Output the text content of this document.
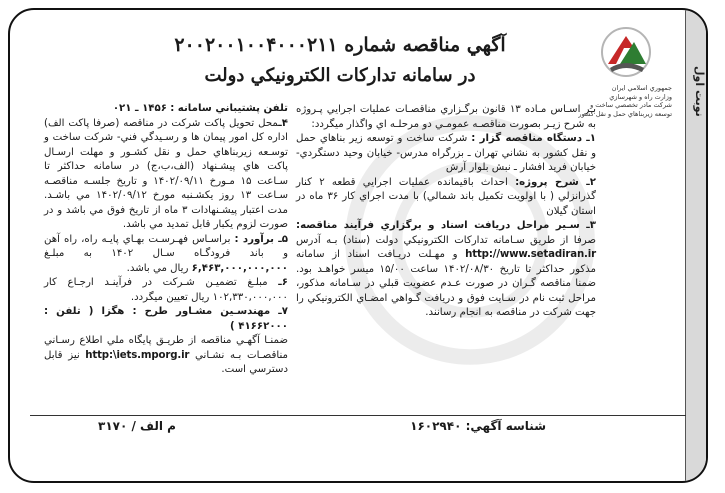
نوبت اول
جمهوري اسلامي ايران
وزارت راه و شهرسازي
شرکت مادر تخصصي ساخت و توسعه زيربناهاي حمل و نقل کشور
آگهي مناقصه شماره ۲۰۰۲۰۰۱۰۰۴۰۰۰۲۱۱
در سامانه تدارکات الکترونيکي دولت

بـر اسـاس مـاده ۱۳ قانون برگـزاري مناقصـات عمليات اجرايي پـروژه به شرح زيـر بصورت مناقصـه عمومـي دو مرحلـه اي واگذار ميگردد:

۱ـ دستگاه مناقصه گزار : شرکت ساخت و توسعه زير بناهاي حمل و نقل کشور به نشاني تهران ـ بزرگراه مدرس- خيابان وحيد دستگردي- خيابان فريد افشار ـ نبش بلوار آرش

۲ـ شرح پروژه: احداث باقيمانده عمليات اجرايي قطعه ۲ کنار گذرانزلي ( با اولويت تکميل باند شمالي) با مدت اجراي کار ۳۶ ماه در استان گيلان

۳ـ سـير مراحل دريافت اسناد و برگزاري فرآيند مناقصه: صرفا از طريق سـامانه تدارکات الکترونيکي دولت (ستاد) بـه آدرس http://www.setadiran.ir و مهـلت دريـافت اسناد از سامانه مذکور حداکثر تا تاريخ ۱۴۰۲/۰۸/۳۰ ساعت ۱۵/۰۰ ميسر خواهـد بود. ضمنا مناقصه گـران در صورت عـدم عضويت قبلي در سـامانه مذکور، مراحل ثبت نام در سـايت فوق و دريافت گـواهي امضـاي الکترونيکي را جهت شرکت در مناقصه به انجام رسانند.

تلفن پشتيباني سامانه : ۱۴۵۶ ـ ۰۲۱

۴ـمحل تحويل پاکت شرکت در مناقصه (صرفا پاکت الف) اداره کل امور پيمان ها و رسـيدگي فني- شرکت ساخت و توسـعه زيربناهاي حمل و نقل کشـور و مهلت ارسـال پاکت هاي پيشـنهاد (الف،ب،ج) در سامانه حداکثر تا سـاعت ۱۵ مـورخ ۱۴۰۲/۰۹/۱۱ و تاريخ جلسـه مناقصـه سـاعت ۱۳ روز يکشـنبه مورخ ۱۴۰۲/۰۹/۱۲ مي باشـد. مدت اعتبار پيشـنهادات ۳ ماه از تاريخ فوق مي باشد و در صورت لزوم يکبار قابل تمديد مي باشد.

۵ـ برآورد : براسـاس فهـرسـت بهـاي پايـه راه، راه آهن و باند فرودگـاه سـال ۱۴۰۲ به مبلـغ ۶,۴۶۳,۰۰۰,۰۰۰,۰۰۰ ريال مي باشد.

۶ـ مبلـغ تضميـن شـرکت در فرآينـد ارجـاع کار ۱۰۲,۳۳۰,۰۰۰,۰۰۰ ريال تعيين ميگردد.

۷ـ مهندسـين مشـاور طرح : هگزا ( تلفن : ۴۱۶۶۲۰۰۰ )

ضمنـا آگهـي مناقصه از طريـق پايگاه ملي اطلاع رسـاني مناقصـات بـه نشـاني http:\iets.mporg.ir نيز قابل دسترسي است.

شناسه آگهي: ۱۶۰۲۹۴۰
م الف / ۳۱۷۰
